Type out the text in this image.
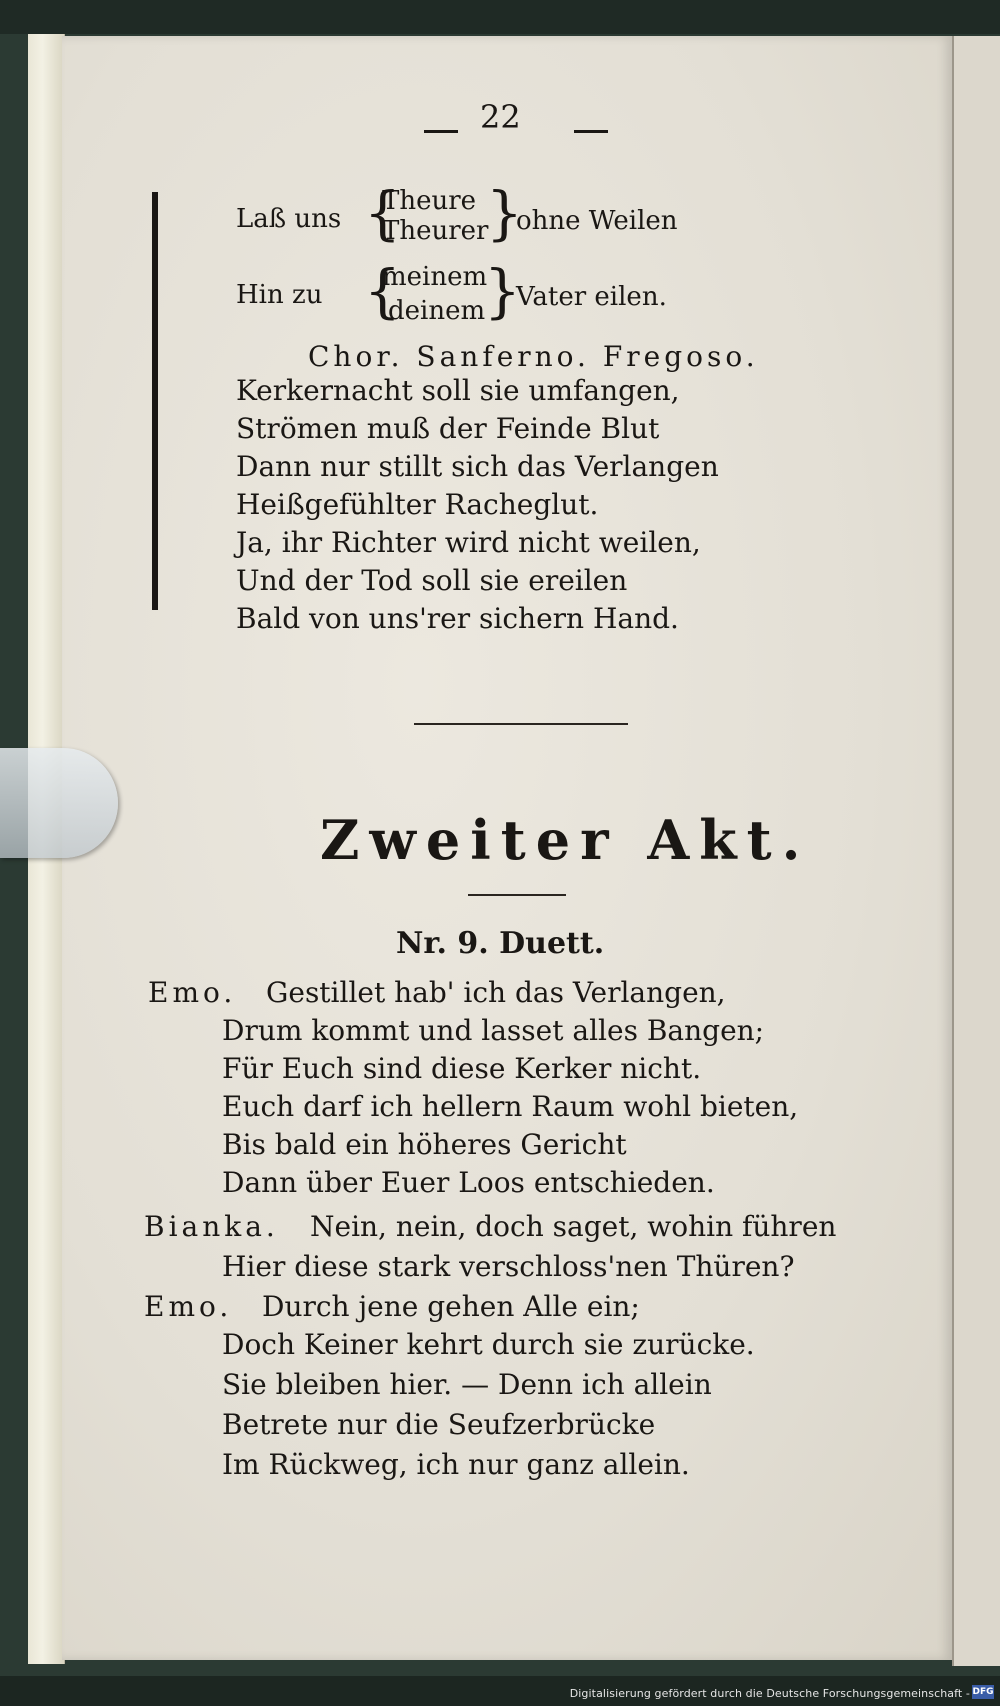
22
Laß uns {
Theure
Theurer
}
ohne Weilen
Hin zu {
meinem
deinem
}
Vater eilen.
Chor. Sanferno. Fregoso.
Kerkernacht soll sie umfangen,
Strömen muß der Feinde Blut
Dann nur stillt sich das Verlangen
Heißgefühlter Racheglut.
Ja, ihr Richter wird nicht weilen,
Und der Tod soll sie ereilen
Bald von uns'rer sichern Hand.
Zweiter Akt.
Nr. 9. Duett.
Emo. Gestillet hab' ich das Verlangen,
Drum kommt und lasset alles Bangen;
Für Euch sind diese Kerker nicht.
Euch darf ich hellern Raum wohl bieten,
Bis bald ein höheres Gericht
Dann über Euer Loos entschieden.
Bianka. Nein, nein, doch saget, wohin führen
Hier diese stark verschloss'nen Thüren?
Emo. Durch jene gehen Alle ein;
Doch Keiner kehrt durch sie zurücke.
Sie bleiben hier. — Denn ich allein
Betrete nur die Seufzerbrücke
Im Rückweg, ich nur ganz allein.
Digitalisierung gefördert durch die Deutsche Forschungsgemeinschaft - DFG
